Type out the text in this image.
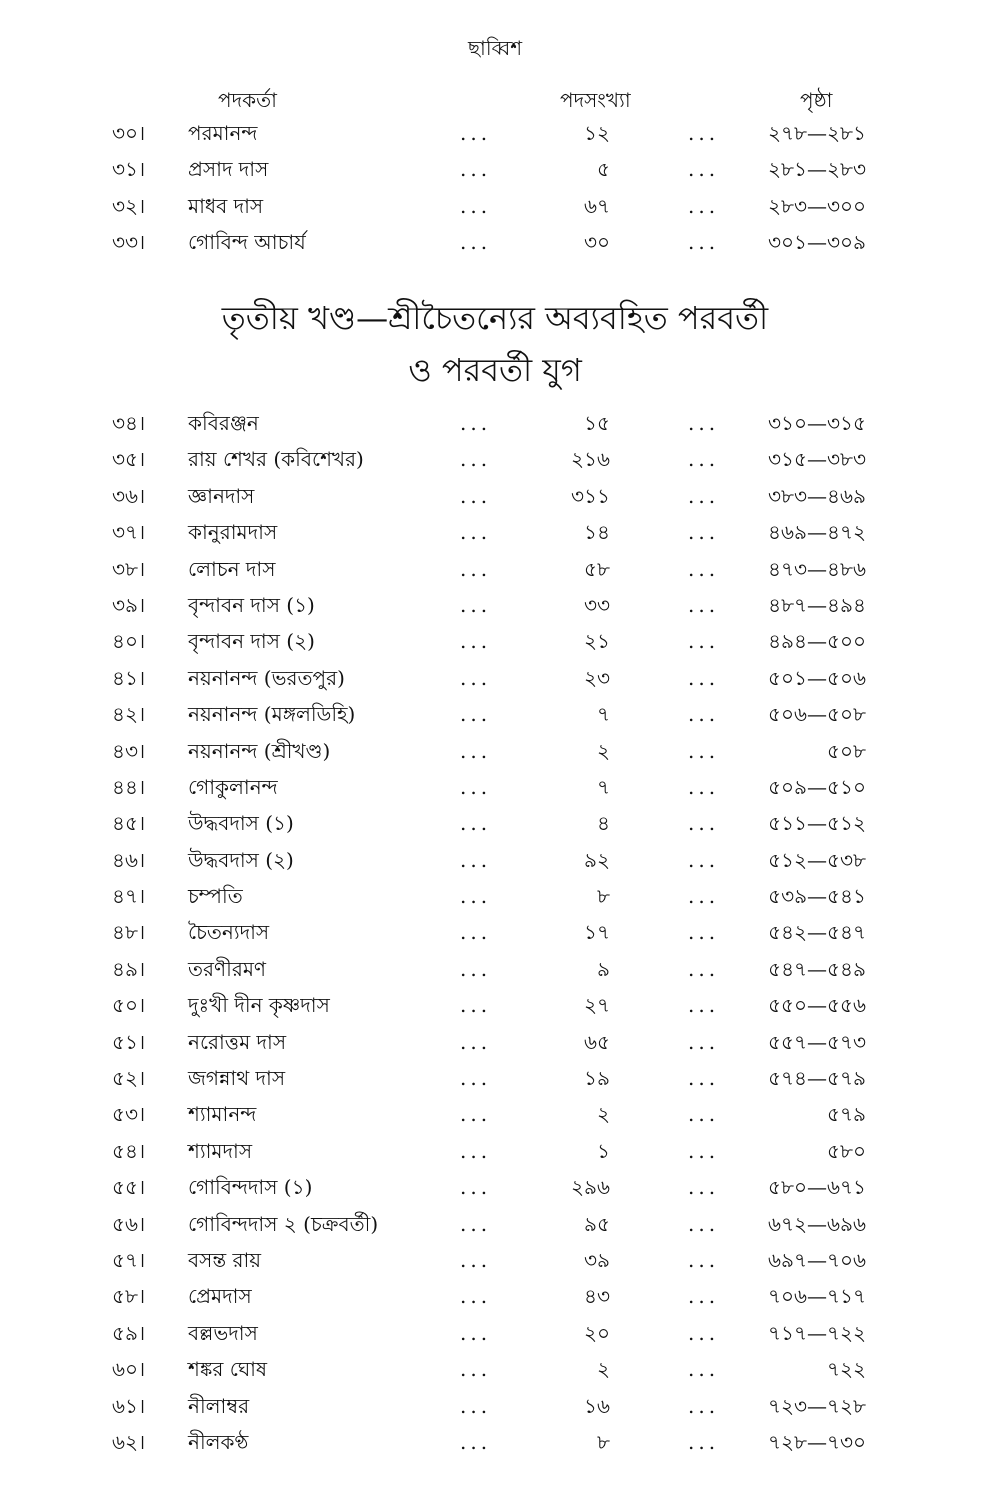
ছাব্বিশ
পদকর্তা	পদসংখ্যা	পৃষ্ঠা
৩০। পরমানন্দ	...	১২	... ২৭৮—২৮১
৩১। প্রসাদ দাস	...	৫	... ২৮১—২৮৩
৩২। মাধব দাস	...	৬৭	... ২৮৩—৩০০
৩৩। গোবিন্দ আচার্য	...	৩০	... ৩০১—৩০৯
তৃতীয় খণ্ড—শ্রীচৈতন্যের অব্যবহিত পরবর্তী
ও পরবর্তী যুগ
৩৪। কবিরঞ্জন	...	১৫	... ৩১০—৩১৫
৩৫। রায় শেখর (কবিশেখর)	...	২১৬	... ৩১৫—৩৮৩
৩৬। জ্ঞানদাস	...	৩১১	... ৩৮৩—৪৬৯
৩৭। কানুরামদাস	...	১৪	... ৪৬৯—৪৭২
৩৮। লোচন দাস	...	৫৮	... ৪৭৩—৪৮৬
৩৯। বৃন্দাবন দাস (১)	...	৩৩	... ৪৮৭—৪৯৪
৪০। বৃন্দাবন দাস (২)	...	২১	... ৪৯৪—৫০০
৪১। নয়নানন্দ (ভরতপুর)	...	২৩	... ৫০১—৫০৬
৪২। নয়নানন্দ (মঙ্গলডিহি)	...	৭	... ৫০৬—৫০৮
৪৩। নয়নানন্দ (শ্রীখণ্ড)	...	২	...	৫০৮
৪৪। গোকুলানন্দ	...	৭	... ৫০৯—৫১০
৪৫। উদ্ধবদাস (১)	...	৪	... ৫১১—৫১২
৪৬। উদ্ধবদাস (২)	...	৯২	... ৫১২—৫৩৮
৪৭। চম্পতি	...	৮	... ৫৩৯—৫৪১
৪৮। চৈতন্যদাস	...	১৭	... ৫৪২—৫৪৭
৪৯। তরণীরমণ	...	৯	... ৫৪৭—৫৪৯
৫০। দুঃখী দীন কৃষ্ণদাস	...	২৭	... ৫৫০—৫৫৬
৫১। নরোত্তম দাস	...	৬৫	... ৫৫৭—৫৭৩
৫২। জগন্নাথ দাস	...	১৯	... ৫৭৪—৫৭৯
৫৩। শ্যামানন্দ	...	২	...	৫৭৯
৫৪। শ্যামদাস	...	১	...	৫৮০
৫৫। গোবিন্দদাস (১)	...	২৯৬	... ৫৮০—৬৭১
৫৬। গোবিন্দদাস ২ (চক্রবর্তী)	...	৯৫	... ৬৭২—৬৯৬
৫৭। বসন্ত রায়	...	৩৯	... ৬৯৭—৭০৬
৫৮। প্রেমদাস	...	৪৩	... ৭০৬—৭১৭
৫৯। বল্লভদাস	...	২০	... ৭১৭—৭২২
৬০। শঙ্কর ঘোষ	...	২	...	৭২২
৬১। নীলাম্বর	...	১৬	... ৭২৩—৭২৮
৬২। নীলকণ্ঠ	...	৮	... ৭২৮—৭৩০
